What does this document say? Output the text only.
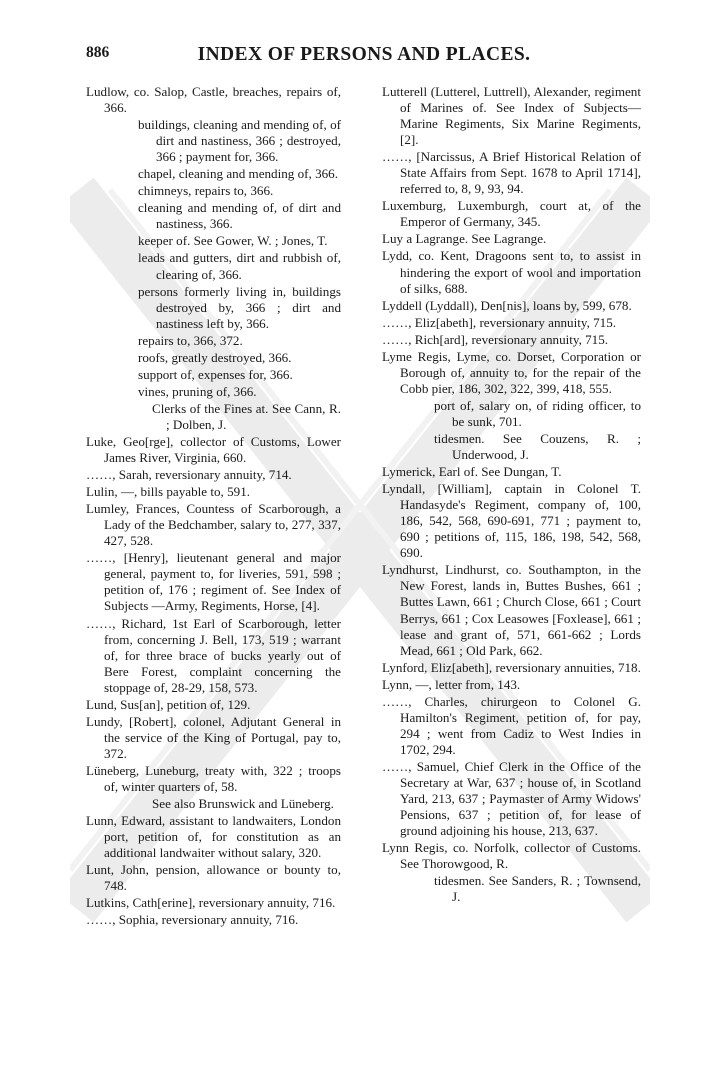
886	INDEX OF PERSONS AND PLACES.
Ludlow, co. Salop, Castle, breaches, repairs of, 366.
buildings, cleaning and mending of, of dirt and nastiness, 366 ; destroyed, 366 ; payment for, 366.
chapel, cleaning and mending of, 366.
chimneys, repairs to, 366.
cleaning and mending of, of dirt and nastiness, 366.
keeper of. See Gower, W. ; Jones, T.
leads and gutters, dirt and rubbish of, clearing of, 366.
persons formerly living in, buildings destroyed by, 366 ; dirt and nastiness left by, 366.
repairs to, 366, 372.
roofs, greatly destroyed, 366.
support of, expenses for, 366.
vines, pruning of, 366.
Clerks of the Fines at. See Cann, R. ; Dolben, J.
Luke, Geo[rge], collector of Customs, Lower James River, Virginia, 660.
……, Sarah, reversionary annuity, 714.
Lulin, —, bills payable to, 591.
Lumley, Frances, Countess of Scarborough, a Lady of the Bedchamber, salary to, 277, 337, 427, 528.
……, [Henry], lieutenant general and major general, payment to, for liveries, 591, 598 ; petition of, 176 ; regiment of. See Index of Subjects —Army, Regiments, Horse, [4].
……, Richard, 1st Earl of Scarborough, letter from, concerning J. Bell, 173, 519 ; warrant of, for three brace of bucks yearly out of Bere Forest, complaint concerning the stoppage of, 28-29, 158, 573.
Lund, Sus[an], petition of, 129.
Lundy, [Robert], colonel, Adjutant General in the service of the King of Portugal, pay to, 372.
Lüneberg, Luneburg, treaty with, 322 ; troops of, winter quarters of, 58.
See also Brunswick and Lüneberg.
Lunn, Edward, assistant to landwaiters, London port, petition of, for constitution as an additional landwaiter without salary, 320.
Lunt, John, pension, allowance or bounty to, 748.
Lutkins, Cath[erine], reversionary annuity, 716.
……, Sophia, reversionary annuity, 716.
Lutterell (Lutterel, Luttrell), Alexander, regiment of Marines of. See Index of Subjects—Marine Regiments, Six Marine Regiments, [2].
……, [Narcissus, A Brief Historical Relation of State Affairs from Sept. 1678 to April 1714], referred to, 8, 9, 93, 94.
Luxemburg, Luxemburgh, court at, of the Emperor of Germany, 345.
Luy a Lagrange. See Lagrange.
Lydd, co. Kent, Dragoons sent to, to assist in hindering the export of wool and importation of silks, 688.
Lyddell (Lyddall), Den[nis], loans by, 599, 678.
……, Eliz[abeth], reversionary annuity, 715.
……, Rich[ard], reversionary annuity, 715.
Lyme Regis, Lyme, co. Dorset, Corporation or Borough of, annuity to, for the repair of the Cobb pier, 186, 302, 322, 399, 418, 555.
port of, salary on, of riding officer, to be sunk, 701.
tidesmen. See Couzens, R. ; Underwood, J.
Lymerick, Earl of. See Dungan, T.
Lyndall, [William], captain in Colonel T. Handasyde's Regiment, company of, 100, 186, 542, 568, 690-691, 771 ; payment to, 690 ; petitions of, 115, 186, 198, 542, 568, 690.
Lyndhurst, Lindhurst, co. Southampton, in the New Forest, lands in, Buttes Bushes, 661 ; Buttes Lawn, 661 ; Church Close, 661 ; Court Berrys, 661 ; Cox Leasowes [Foxlease], 661 ; lease and grant of, 571, 661-662 ; Lords Mead, 661 ; Old Park, 662.
Lynford, Eliz[abeth], reversionary annuities, 718.
Lynn, —, letter from, 143.
……, Charles, chirurgeon to Colonel G. Hamilton's Regiment, petition of, for pay, 294 ; went from Cadiz to West Indies in 1702, 294.
……, Samuel, Chief Clerk in the Office of the Secretary at War, 637 ; house of, in Scotland Yard, 213, 637 ; Paymaster of Army Widows' Pensions, 637 ; petition of, for lease of ground adjoining his house, 213, 637.
Lynn Regis, co. Norfolk, collector of Customs. See Thorowgood, R.
tidesmen. See Sanders, R. ; Townsend, J.
